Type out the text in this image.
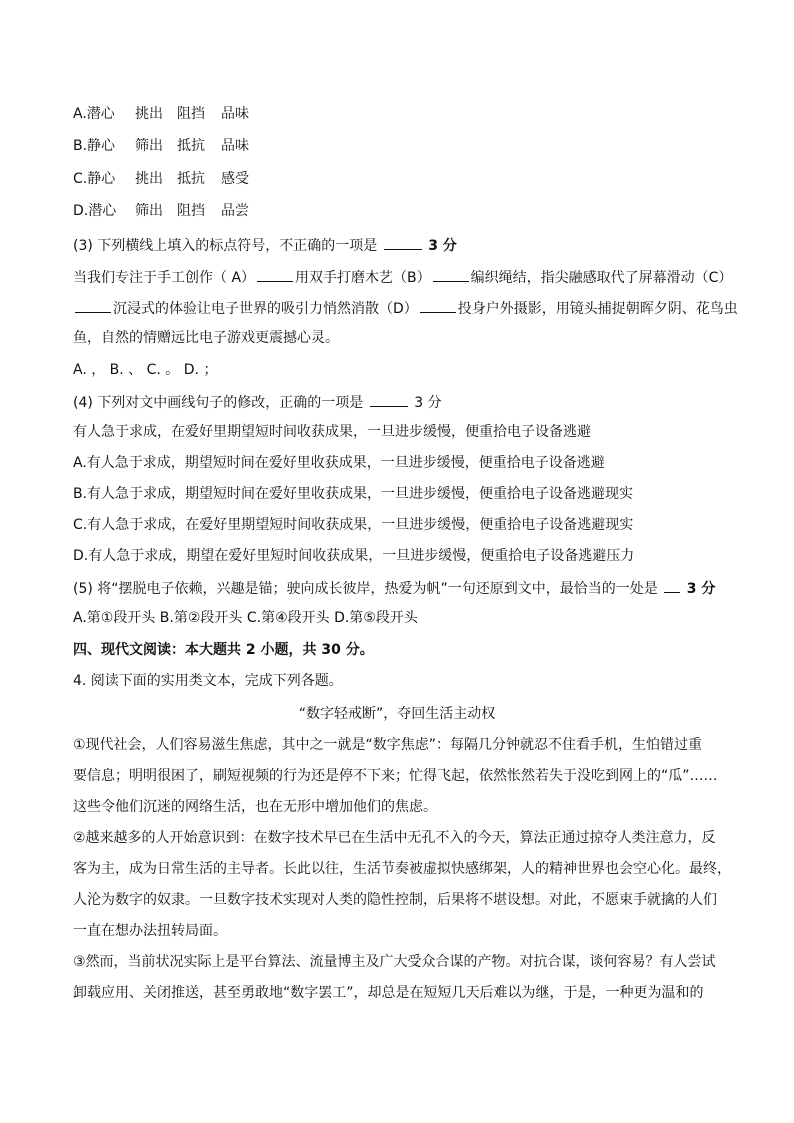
A.潜心 挑出 阻挡 品味
B.静心 筛出 抵抗 品味
C.静心 挑出 抵抗 感受
D.潜心 筛出 阻挡 品尝
(3) 下列横线上填入的标点符号，不正确的一项是	3 分
当我们专注于手工创作（ A）	用双手打磨木艺（B）	编织绳结，指尖融感取代了屏幕滑动（C）
沉浸式的体验让电子世界的吸引力悄然消散（D）	投身户外摄影，用镜头捕捉朝晖夕阴、花鸟虫
鱼，自然的情赠远比电子游戏更震撼心灵。
A. ， B. 、 C. 。 D. ；
(4) 下列对文中画线句子的修改，正确的一项是	3 分
有人急于求成，在爱好里期望短时间收获成果，一旦进步缓慢，便重拾电子设备逃避
A.有人急于求成，期望短时间在爱好里收获成果，一旦进步缓慢，便重拾电子设备逃避
B.有人急于求成，期望短时间在爱好里收获成果，一旦进步缓慢，便重拾电子设备逃避现实
C.有人急于求成，在爱好里期望短时间收获成果，一旦进步缓慢，便重拾电子设备逃避现实
D.有人急于求成，期望在爱好里短时间收获成果，一旦进步缓慢，便重拾电子设备逃避压力
(5) 将“摆脱电子依赖，兴趣是锚；驶向成长彼岸，热爱为帆”一句还原到文中，最恰当的一处是 3 分
A.第①段开头 B.第②段开头 C.第④段开头 D.第⑤段开头
四、现代文阅读：本大题共 2 小题，共 30 分。
4. 阅读下面的实用类文本，完成下列各题。
“数字轻戒断”，夺回生活主动权
①现代社会，人们容易滋生焦虑，其中之一就是“数字焦虑”：每隔几分钟就忍不住看手机，生怕错过重
要信息；明明很困了，刷短视频的行为还是停不下来；忙得飞起，依然怅然若失于没吃到网上的“瓜”……
这些令他们沉迷的网络生活，也在无形中增加他们的焦虑。
②越来越多的人开始意识到：在数字技术早已在生活中无孔不入的今天，算法正通过掠夺人类注意力，反
客为主，成为日常生活的主导者。长此以往，生活节奏被虚拟快感绑架，人的精神世界也会空心化。最终，
人沦为数字的奴隶。一旦数字技术实现对人类的隐性控制，后果将不堪设想。对此，不愿束手就擒的人们
一直在想办法扭转局面。
③然而，当前状况实际上是平台算法、流量博主及广大受众合谋的产物。对抗合谋，谈何容易？有人尝试
卸载应用、关闭推送，甚至勇敢地“数字罢工”，却总是在短短几天后难以为继，于是，一种更为温和的
